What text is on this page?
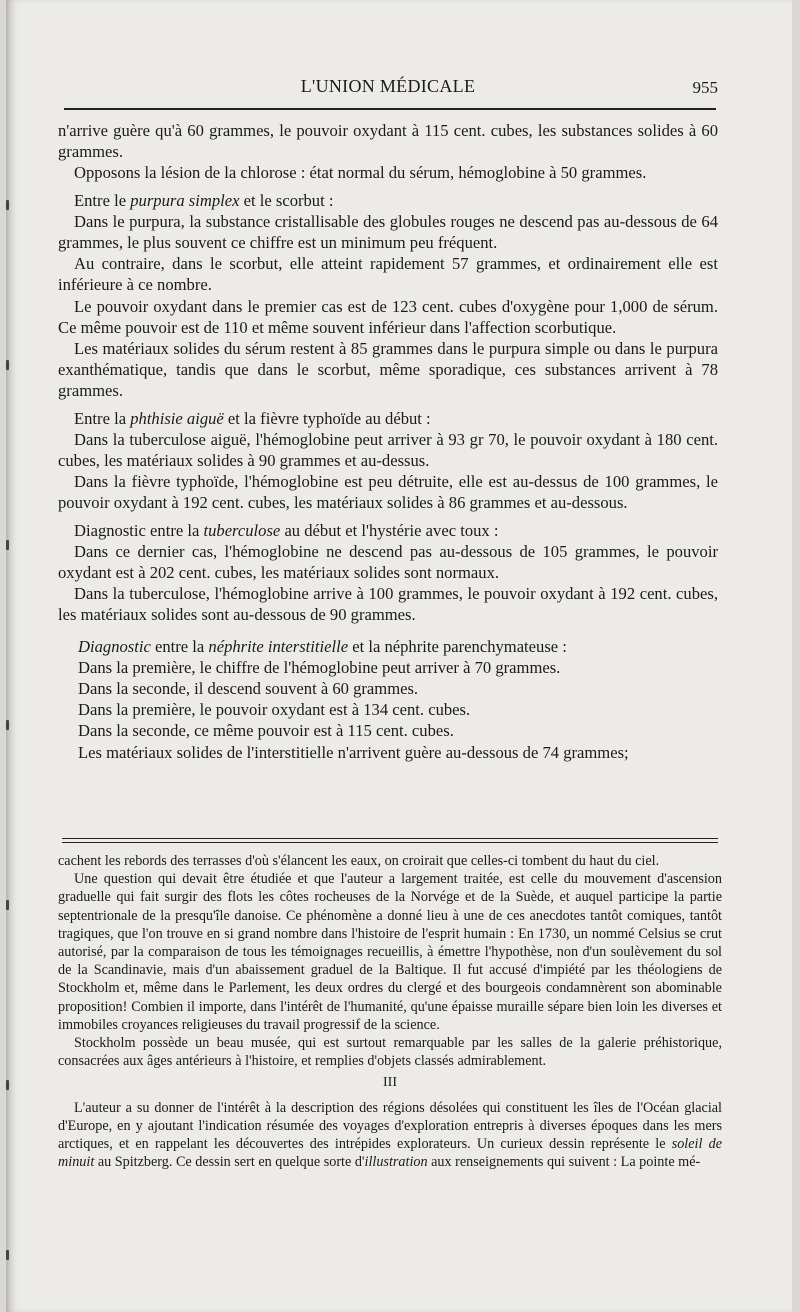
L'UNION MÉDICALE	955

n'arrive guère qu'à 60 grammes, le pouvoir oxydant à 115 cent. cubes, les substances solides à 60 grammes.

Opposons la lésion de la chlorose : état normal du sérum, hémoglobine à 50 grammes.

Entre le purpura simplex et le scorbut :

Dans le purpura, la substance cristallisable des globules rouges ne descend pas au-dessous de 64 grammes, le plus souvent ce chiffre est un minimum peu fréquent.

Au contraire, dans le scorbut, elle atteint rapidement 57 grammes, et ordinairement elle est inférieure à ce nombre.

Le pouvoir oxydant dans le premier cas est de 123 cent. cubes d'oxygène pour 1,000 de sérum. Ce même pouvoir est de 110 et même souvent inférieur dans l'affection scorbutique.

Les matériaux solides du sérum restent à 85 grammes dans le purpura simple ou dans le purpura exanthématique, tandis que dans le scorbut, même sporadique, ces substances arrivent à 78 grammes.

Entre la phthisie aiguë et la fièvre typhoïde au début :

Dans la tuberculose aiguë, l'hémoglobine peut arriver à 93 gr 70, le pouvoir oxydant à 180 cent. cubes, les matériaux solides à 90 grammes et au-dessus.

Dans la fièvre typhoïde, l'hémoglobine est peu détruite, elle est au-dessus de 100 grammes, le pouvoir oxydant à 192 cent. cubes, les matériaux solides à 86 grammes et au-dessous.

Diagnostic entre la tuberculose au début et l'hystérie avec toux :

Dans ce dernier cas, l'hémoglobine ne descend pas au-dessous de 105 grammes, le pouvoir oxydant est à 202 cent. cubes, les matériaux solides sont normaux.

Dans la tuberculose, l'hémoglobine arrive à 100 grammes, le pouvoir oxydant à 192 cent. cubes, les matériaux solides sont au-dessous de 90 grammes.

Diagnostic entre la néphrite interstitielle et la néphrite parenchymateuse :
Dans la première, le chiffre de l'hémoglobine peut arriver à 70 grammes.
Dans la seconde, il descend souvent à 60 grammes.
Dans la première, le pouvoir oxydant est à 134 cent. cubes.
Dans la seconde, ce même pouvoir est à 115 cent. cubes.
Les matériaux solides de l'interstitielle n'arrivent guère au-dessous de 74 grammes;

cachent les rebords des terrasses d'où s'élancent les eaux, on croirait que celles-ci tombent du haut du ciel.

Une question qui devait être étudiée et que l'auteur a largement traitée, est celle du mouvement d'ascension graduelle qui fait surgir des flots les côtes rocheuses de la Norvége et de la Suède, et auquel participe la partie septentrionale de la presqu'île danoise. Ce phénomène a donné lieu à une de ces anecdotes tantôt comiques, tantôt tragiques, que l'on trouve en si grand nombre dans l'histoire de l'esprit humain : En 1730, un nommé Celsius se crut autorisé, par la comparaison de tous les témoignages recueillis, à émettre l'hypothèse, non d'un soulèvement du sol de la Scandinavie, mais d'un abaissement graduel de la Baltique. Il fut accusé d'impiété par les théologiens de Stockholm et, même dans le Parlement, les deux ordres du clergé et des bourgeois condamnèrent son abominable proposition! Combien il importe, dans l'intérêt de l'humanité, qu'une épaisse muraille sépare bien loin les diverses et immobiles croyances religieuses du travail progressif de la science.

Stockholm possède un beau musée, qui est surtout remarquable par les salles de la galerie préhistorique, consacrées aux âges antérieurs à l'histoire, et remplies d'objets classés admirablement.

III

L'auteur a su donner de l'intérêt à la description des régions désolées qui constituent les îles de l'Océan glacial d'Europe, en y ajoutant l'indication résumée des voyages d'exploration entrepris à diverses époques dans les mers arctiques, et en rappelant les découvertes des intrépides explorateurs. Un curieux dessin représente le soleil de minuit au Spitzberg. Ce dessin sert en quelque sorte d'illustration aux renseignements qui suivent : La pointe mé-
